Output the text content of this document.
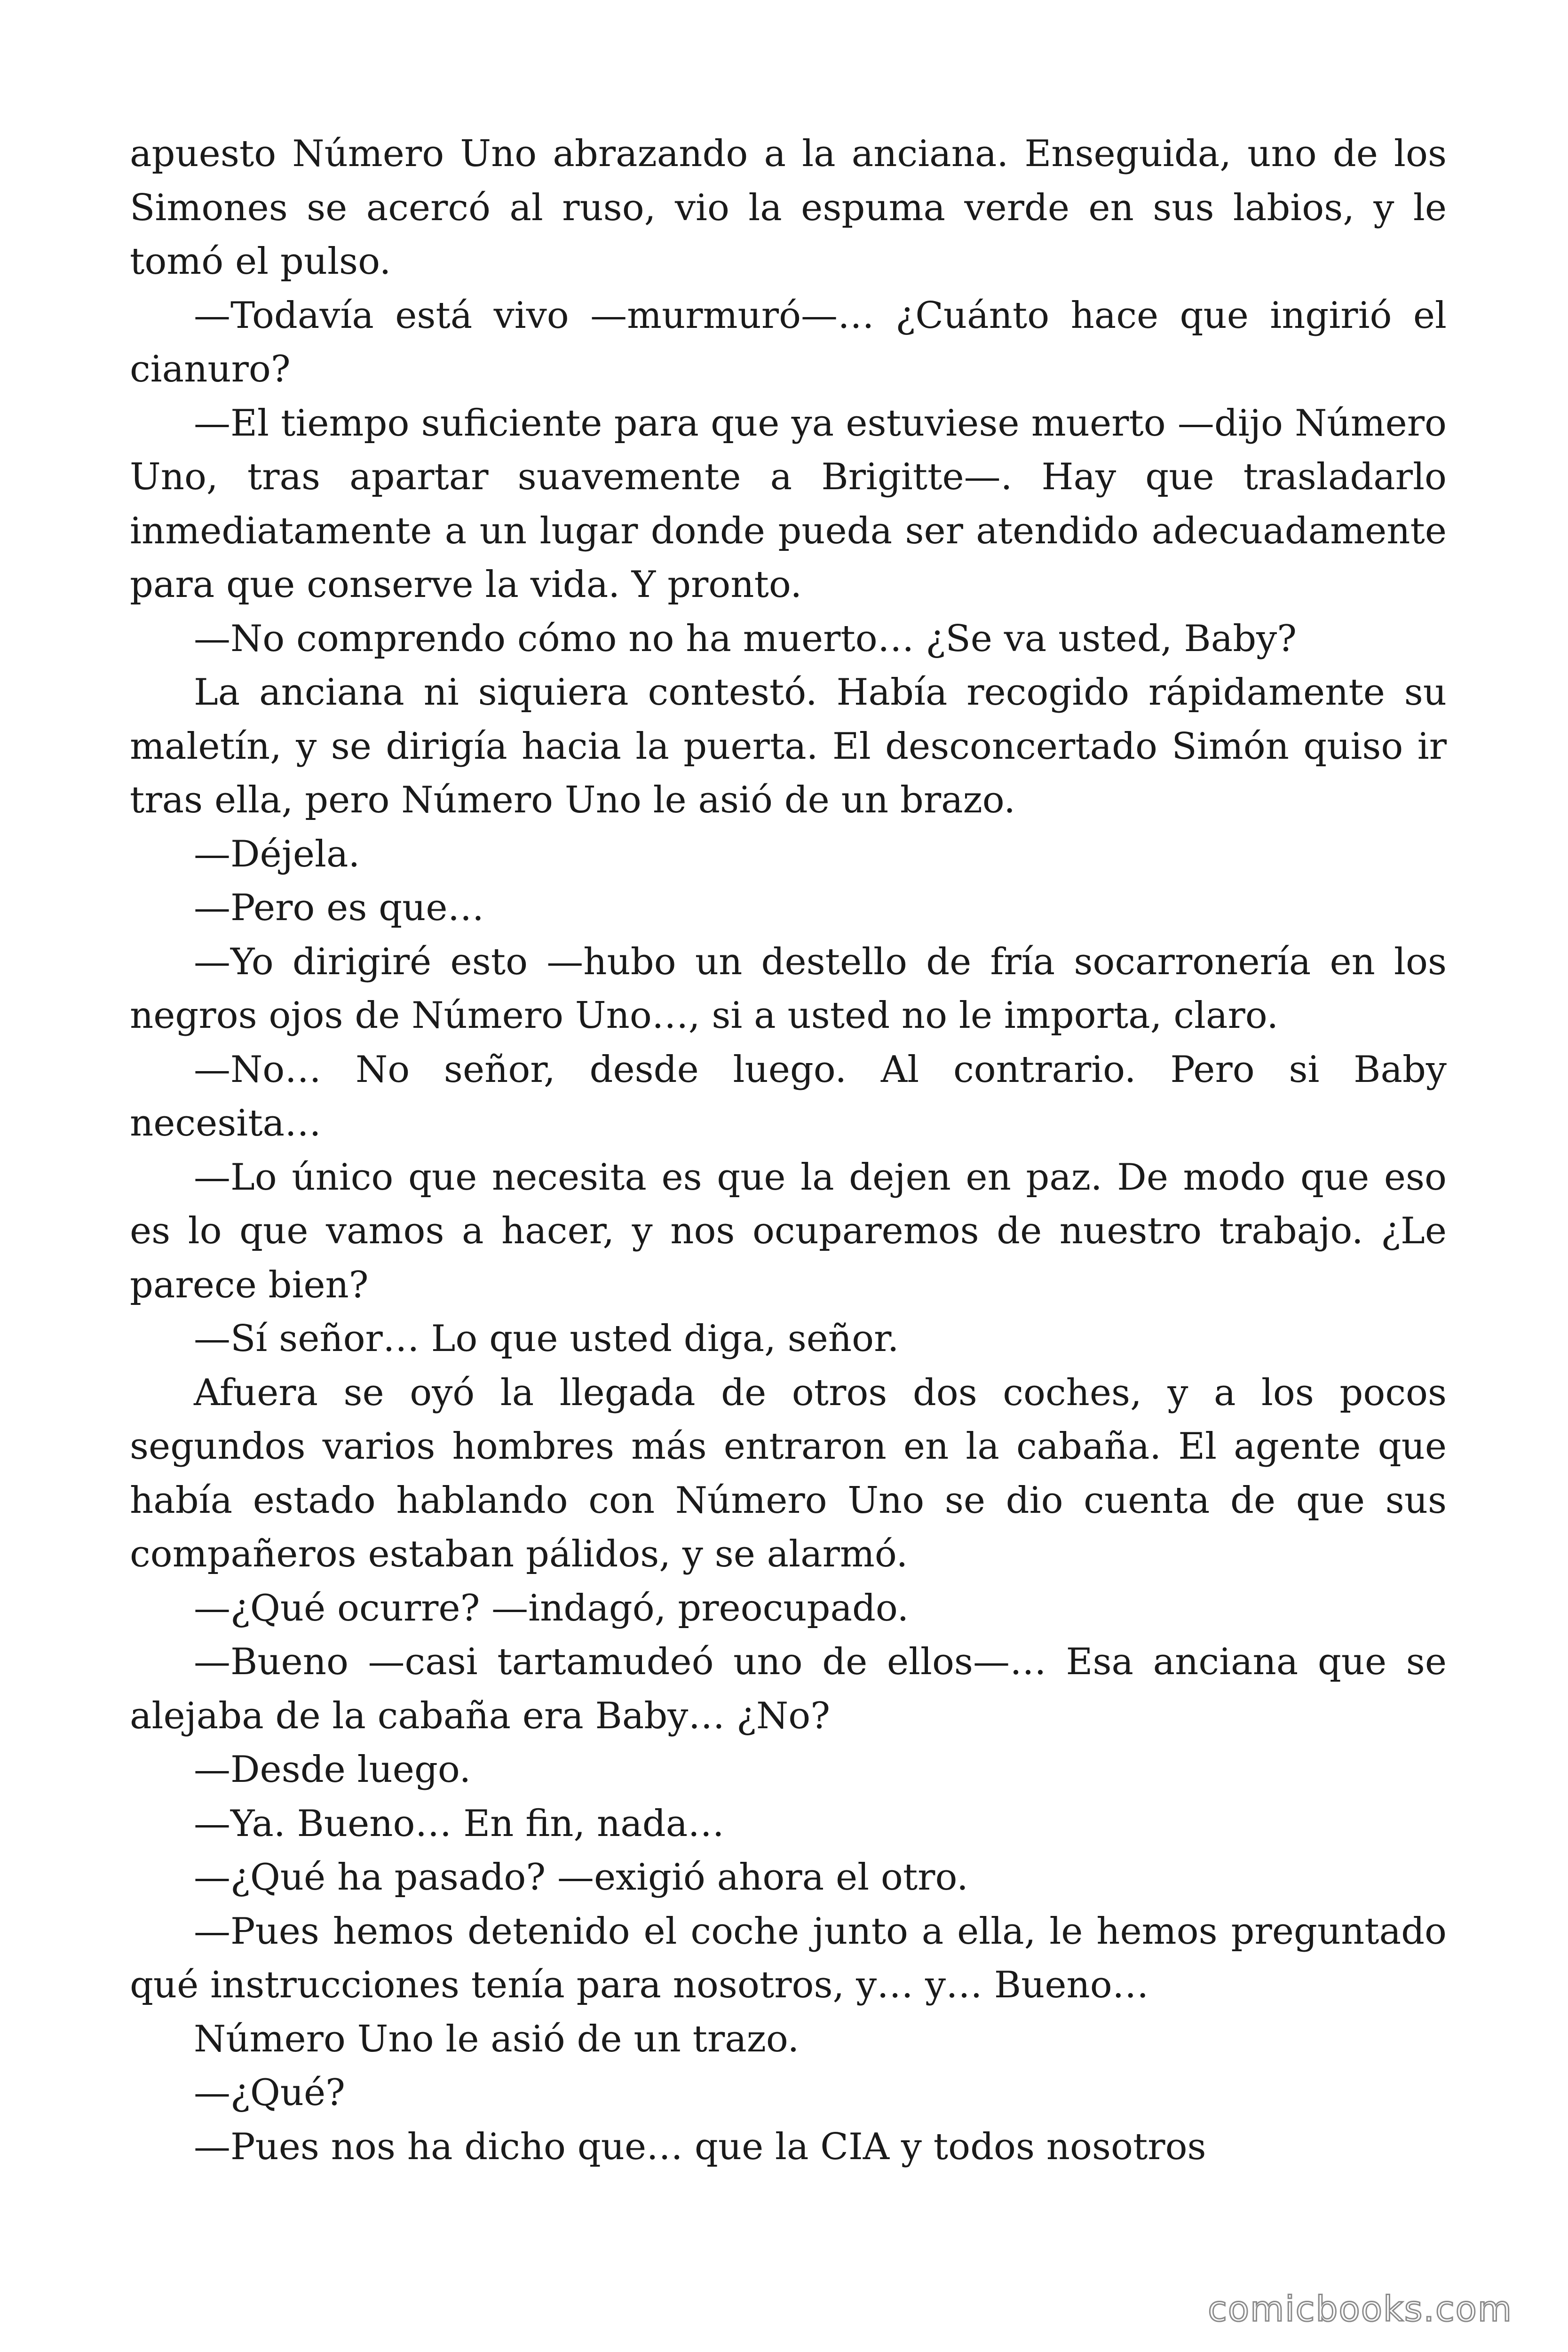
apuesto Número Uno abrazando a la anciana. Enseguida, uno de los Simones se acercó al ruso, vio la espuma verde en sus labios, y le tomó el pulso.

—Todavía está vivo —murmuró—… ¿Cuánto hace que ingirió el cianuro?

—El tiempo suficiente para que ya estuviese muerto —dijo Número Uno, tras apartar suavemente a Brigitte—. Hay que trasladarlo inmediatamente a un lugar donde pueda ser atendido adecuadamente para que conserve la vida. Y pronto.

—No comprendo cómo no ha muerto… ¿Se va usted, Baby?

La anciana ni siquiera contestó. Había recogido rápidamente su maletín, y se dirigía hacia la puerta. El desconcertado Simón quiso ir tras ella, pero Número Uno le asió de un brazo.

—Déjela.

—Pero es que…

—Yo dirigiré esto —hubo un destello de fría socarronería en los negros ojos de Número Uno…, si a usted no le importa, claro.

—No… No señor, desde luego. Al contrario. Pero si Baby necesita…

—Lo único que necesita es que la dejen en paz. De modo que eso es lo que vamos a hacer, y nos ocuparemos de nuestro trabajo. ¿Le parece bien?

—Sí señor… Lo que usted diga, señor.

Afuera se oyó la llegada de otros dos coches, y a los pocos segundos varios hombres más entraron en la cabaña. El agente que había estado hablando con Número Uno se dio cuenta de que sus compañeros estaban pálidos, y se alarmó.

—¿Qué ocurre? —indagó, preocupado.

—Bueno —casi tartamudeó uno de ellos—… Esa anciana que se alejaba de la cabaña era Baby… ¿No?

—Desde luego.

—Ya. Bueno… En fin, nada…

—¿Qué ha pasado? —exigió ahora el otro.

—Pues hemos detenido el coche junto a ella, le hemos preguntado qué instrucciones tenía para nosotros, y… y… Bueno…

Número Uno le asió de un trazo.

—¿Qué?

—Pues nos ha dicho que… que la CIA y todos nosotros

comicbooks.com
